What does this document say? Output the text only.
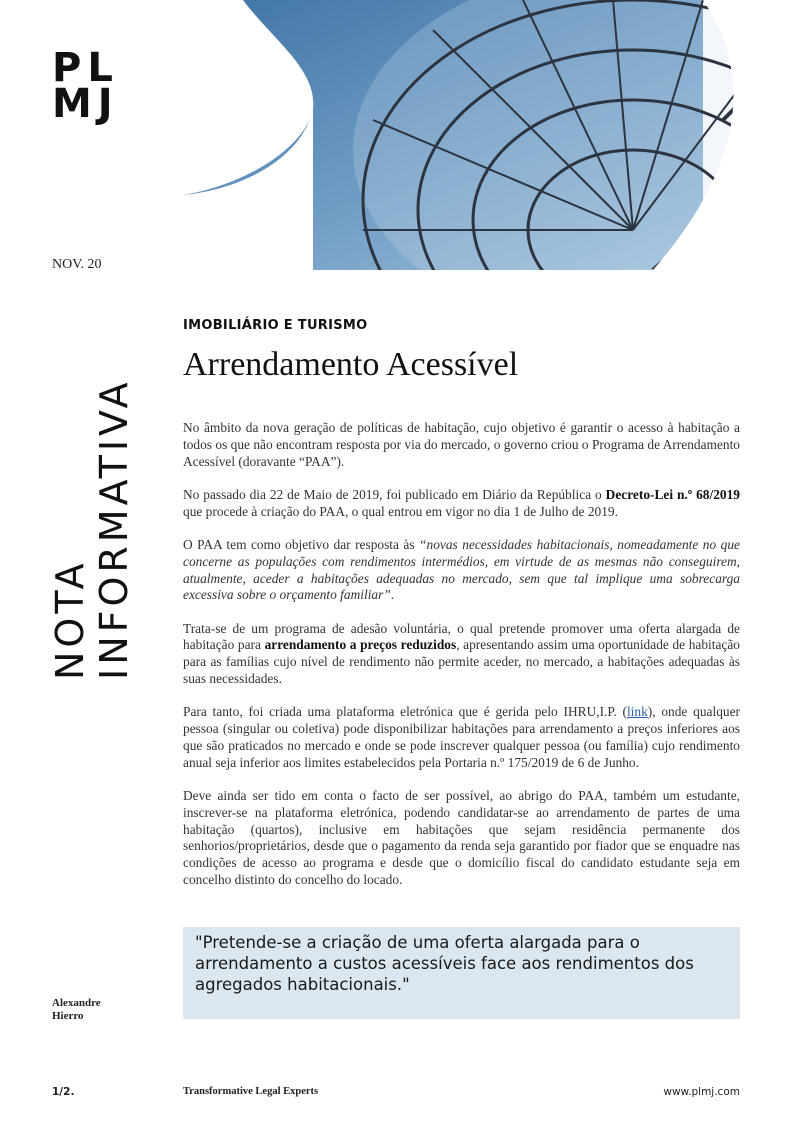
PL
MJ
NOV. 20
NOTA INFORMATIVA
IMOBILIÁRIO E TURISMO
Arrendamento Acessível

No âmbito da nova geração de políticas de habitação, cujo objetivo é garantir o acesso à habitação a todos os que não encontram resposta por via do mercado, o governo criou o Programa de Arrendamento Acessível (doravante “PAA”).

No passado dia 22 de Maio de 2019, foi publicado em Diário da República o Decreto-Lei n.º 68/2019 que procede à criação do PAA, o qual entrou em vigor no dia 1 de Julho de 2019.

O PAA tem como objetivo dar resposta às “novas necessidades habitacionais, nomeadamente no que concerne as populações com rendimentos intermédios, em virtude de as mesmas não conseguirem, atualmente, aceder a habitações adequadas no mercado, sem que tal implique uma sobrecarga excessiva sobre o orçamento familiar”.

Trata-se de um programa de adesão voluntária, o qual pretende promover uma oferta alargada de habitação para arrendamento a preços reduzidos, apresentando assim uma oportunidade de habitação para as famílias cujo nível de rendimento não permite aceder, no mercado, a habitações adequadas às suas necessidades.

Para tanto, foi criada uma plataforma eletrónica que é gerida pelo IHRU,I.P. (link), onde qualquer pessoa (singular ou coletiva) pode disponibilizar habitações para arrendamento a preços inferiores aos que são praticados no mercado e onde se pode inscrever qualquer pessoa (ou família) cujo rendimento anual seja inferior aos limites estabelecidos pela Portaria n.º 175/2019 de 6 de Junho.

Deve ainda ser tido em conta o facto de ser possível, ao abrigo do PAA, também um estudante, inscrever-se na plataforma eletrónica, podendo candidatar-se ao arrendamento de partes de uma habitação (quartos), inclusive em habitações que sejam residência permanente dos senhorios/proprietários, desde que o pagamento da renda seja garantido por fiador que se enquadre nas condições de acesso ao programa e desde que o domicílio fiscal do candidato estudante seja em concelho distinto do concelho do locado.

"Pretende-se a criação de uma oferta alargada para o arrendamento a custos acessíveis face aos rendimentos dos agregados habitacionais."
Alexandre
Hierro
1/2.	Transformative Legal Experts	www.plmj.com
